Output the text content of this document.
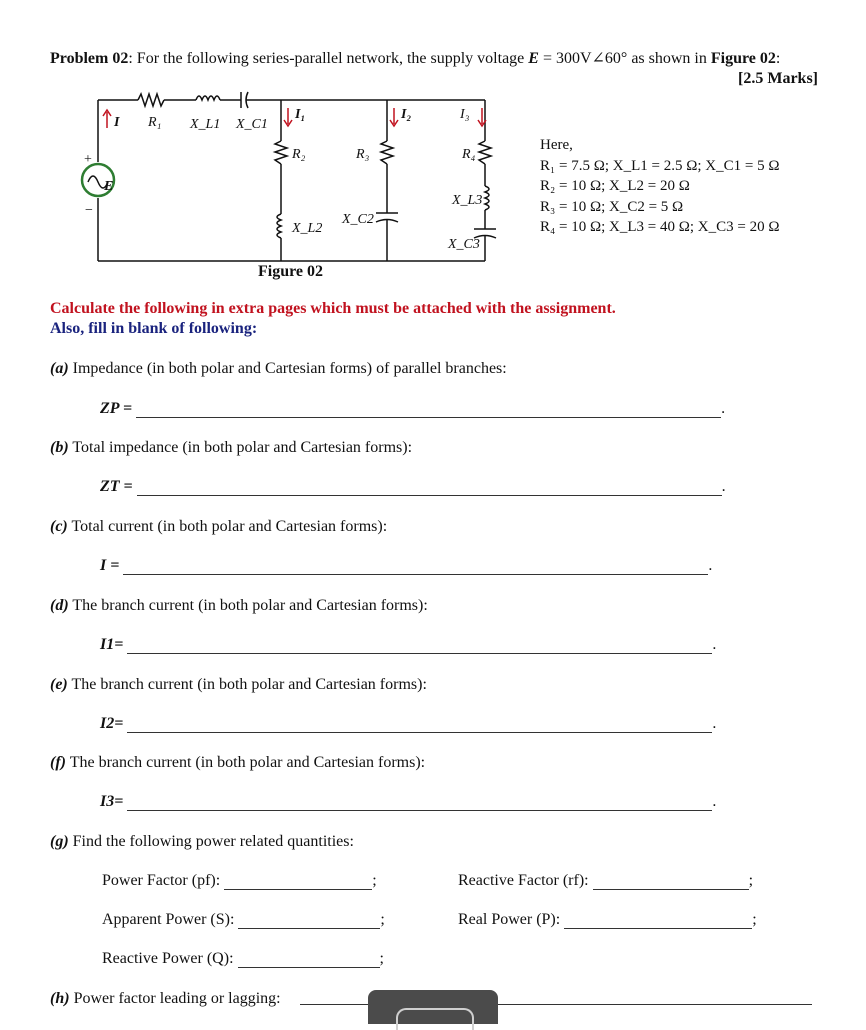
Problem 02: For the following series-parallel network, the supply voltage E = 300V∠60° as shown in Figure 02:
[2.5 Marks]
E
+
−
I R₁ X_L1 X_C1
I₁
R₂
X_L2
I₂
R₃
X_C2
I₃
R₄
X_L3
X_C3
Here,
R₁ = 7.5 Ω; X_L1 = 2.5 Ω; X_C1 = 5 Ω
R₂ = 10 Ω; X_L2 = 20 Ω
R₃ = 10 Ω; X_C2 = 5 Ω
R₄ = 10 Ω; X_L3 = 40 Ω; X_C3 = 20 Ω
Figure 02
Calculate the following in extra pages which must be attached with the assignment.
Also, fill in blank of following:
(a) Impedance (in both polar and Cartesian forms) of parallel branches:
ZP =	.
(b) Total impedance (in both polar and Cartesian forms):
ZT =	.
(c) Total current (in both polar and Cartesian forms):
I =	.
(d) The branch current (in both polar and Cartesian forms):
I1=	.
(e) The branch current (in both polar and Cartesian forms):
I2=	.
(f) The branch current (in both polar and Cartesian forms):
I3=	.
(g) Find the following power related quantities:
Power Factor (pf):	;	Reactive Factor (rf):	;
Apparent Power (S):	;	Real Power (P):	;
Reactive Power (Q):	;
(h) Power factor leading or lagging:
